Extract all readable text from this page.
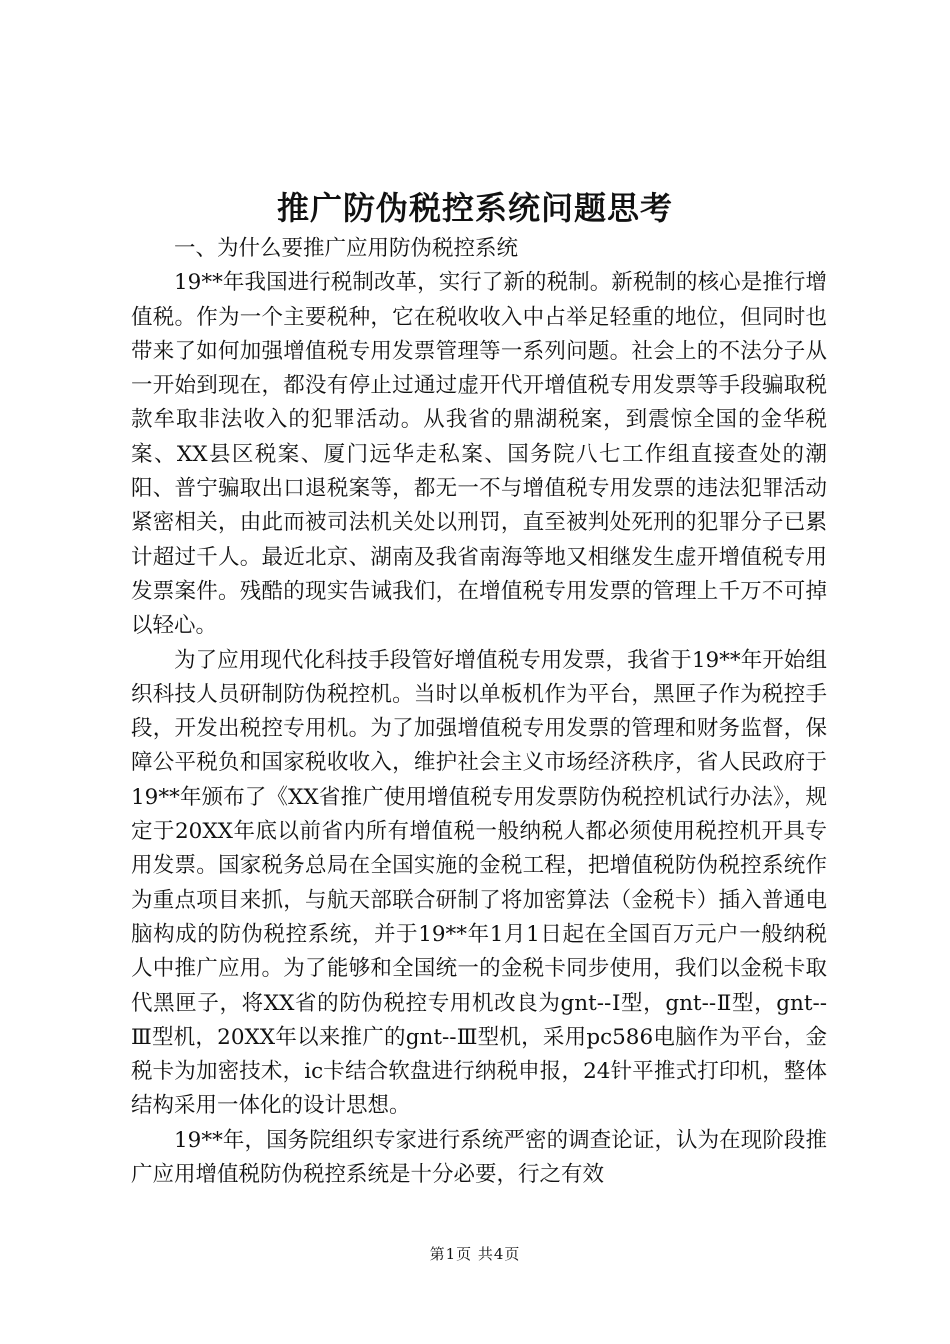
推广防伪税控系统问题思考

一、为什么要推广应用防伪税控系统

19**年我国进行税制改革，实行了新的税制。新税制的核心是推行增值税。作为一个主要税种，它在税收收入中占举足轻重的地位，但同时也带来了如何加强增值税专用发票管理等一系列问题。社会上的不法分子从一开始到现在，都没有停止过通过虚开代开增值税专用发票等手段骗取税款牟取非法收入的犯罪活动。从我省的鼎湖税案，到震惊全国的金华税案、XX县区税案、厦门远华走私案、国务院八七工作组直接查处的潮阳、普宁骗取出口退税案等，都无一不与增值税专用发票的违法犯罪活动紧密相关，由此而被司法机关处以刑罚，直至被判处死刑的犯罪分子已累计超过千人。最近北京、湖南及我省南海等地又相继发生虚开增值税专用发票案件。残酷的现实告诫我们，在增值税专用发票的管理上千万不可掉以轻心。

为了应用现代化科技手段管好增值税专用发票，我省于19**年开始组织科技人员研制防伪税控机。当时以单板机作为平台，黑匣子作为税控手段，开发出税控专用机。为了加强增值税专用发票的管理和财务监督，保障公平税负和国家税收收入，维护社会主义市场经济秩序，省人民政府于19**年颁布了《XX省推广使用增值税专用发票防伪税控机试行办法》，规定于20XX年底以前省内所有增值税一般纳税人都必须使用税控机开具专用发票。国家税务总局在全国实施的金税工程，把增值税防伪税控系统作为重点项目来抓，与航天部联合研制了将加密算法（金税卡）插入普通电脑构成的防伪税控系统，并于19**年1月1日起在全国百万元户一般纳税人中推广应用。为了能够和全国统一的金税卡同步使用，我们以金税卡取代黑匣子，将XX省的防伪税控专用机改良为gnt--Ⅰ型，gnt--Ⅱ型，gnt--Ⅲ型机，20XX年以来推广的gnt--Ⅲ型机，采用pc586电脑作为平台，金税卡为加密技术，ic卡结合软盘进行纳税申报，24针平推式打印机，整体结构采用一体化的设计思想。

19**年，国务院组织专家进行系统严密的调查论证，认为在现阶段推广应用增值税防伪税控系统是十分必要，行之有效

第1页 共4页
